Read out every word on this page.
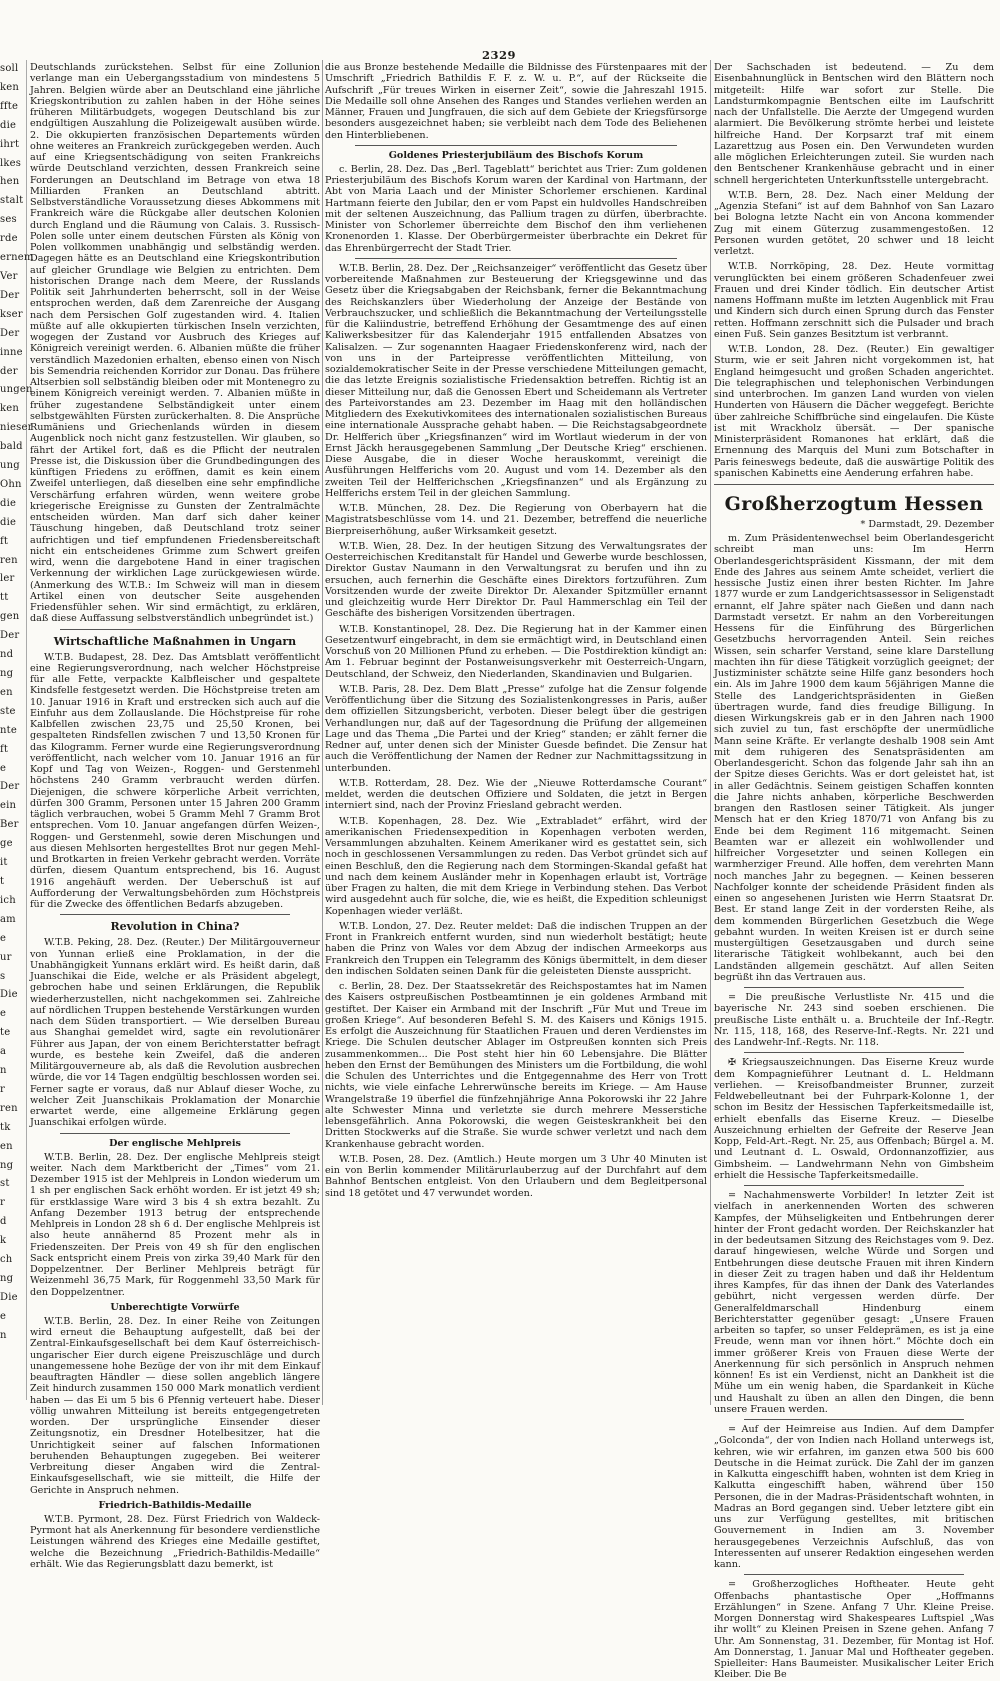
soll
ken
ffte
die
ihrt
lkes
hen
stalt
ses
rde
ernem
Ver
Der
kser
Der
inne
der
ungen
ken
nieser
bald
ung
Ohn
die
die
ft
ren
ler
tt
gen
Der
nd
ng
en
ste
nte
ft
e
Der
ein
Ber
ge
it
t
ich
am
e
ur
s
Die
e
te
a
n
r
ren
tk
en
ng
st
r
d
k
ch
ng
Die
e
n
2329

Deutschlands zurückstehen. Selbst für eine Zollunion verlange man ein Uebergangsstadium von mindestens 5 Jahren. Belgien würde aber an Deutschland eine jährliche Kriegskontribution zu zahlen haben in der Höhe seines früheren Militärbudgets, wogegen Deutschland bis zur endgültigen Auszahlung die Polizeigewalt ausüben würde. 2. Die okkupierten französischen Departements würden ohne weiteres an Frankreich zurückgegeben werden. Auch auf eine Kriegsentschädigung von seiten Frankreichs würde Deutschland verzichten, dessen Frankreich seine Forderungen an Deutschland im Betrage von etwa 18 Milliarden Franken an Deutschland abtritt. Selbstverständliche Voraussetzung dieses Abkommens mit Frankreich wäre die Rückgabe aller deutschen Kolonien durch England und die Räumung von Calais. 3. Russisch-Polen solle unter einem deutschen Fürsten als König von Polen vollkommen unabhängig und selbständig werden. Dagegen hätte es an Deutschland eine Kriegskontribution auf gleicher Grundlage wie Belgien zu entrichten. Dem historischen Drange nach dem Meere, der Russlands Politik seit Jahrhunderten beherrscht, soll in der Weise entsprochen werden, daß dem Zarenreiche der Ausgang nach dem Persischen Golf zugestanden wird. 4. Italien müßte auf alle okkupierten türkischen Inseln verzichten, wogegen der Zustand vor Ausbruch des Krieges auf Königreich vereinigt werden. 6. Albanien müßte die früher verständlich Mazedonien erhalten, ebenso einen von Nisch bis Semendria reichenden Korridor zur Donau. Das frühere Altserbien soll selbständig bleiben oder mit Montenegro zu einem Königreich vereinigt werden. 7. Albanien müßte in früher zugestandene Selbständigkeit unter einem selbstgewählten Fürsten zurückerhalten. 8. Die Ansprüche Rumäniens und Griechenlands würden in diesem Augenblick noch nicht ganz festzustellen. Wir glauben, so fährt der Artikel fort, daß es die Pflicht der neutralen Presse ist, die Diskussion über die Grundbedingungen des künftigen Friedens zu eröffnen, damit es kein einem Zweifel unterliegen, daß dieselben eine sehr empfindliche Verschärfung erfahren würden, wenn weitere grobe kriegerische Ereignisse zu Gunsten der Zentralmächte entscheiden würden. Man darf sich daher keiner Täuschung hingeben, daß Deutschland trotz seiner aufrichtigen und tief empfundenen Friedensbereitschaft nicht ein entscheidenes Grimme zum Schwert greifen wird, wenn die dargebotene Hand in einer tragischen Verkennung der wirklichen Lage zurückgewiesen würde. (Anmerkung des W.T.B.: Im Schweiz will man in diesem Artikel einen von deutscher Seite ausgehenden Friedensfühler sehen. Wir sind ermächtigt, zu erklären, daß diese Auffassung selbstverständlich unbegründet ist.)

Wirtschaftliche Maßnahmen in Ungarn

W.T.B. Budapest, 28. Dez. Das Amtsblatt veröffentlicht eine Regierungsverordnung, nach welcher Höchstpreise für alle Fette, verpackte Kalbfleischer und gespaltete Kindsfelle festgesetzt werden. Die Höchstpreise treten am 10. Januar 1916 in Kraft und erstrecken sich auch auf die Einfuhr aus dem Zollauslande. Die Höchstpreise für rohe Kalbfellen zwischen 23,75 und 25,50 Kronen, bei gespalteten Rindsfellen zwischen 7 und 13,50 Kronen für das Kilogramm. Ferner wurde eine Regierungsverordnung veröffentlicht, nach welcher vom 10. Januar 1916 an für Kopf und Tag von Weizen-, Roggen- und Gerstenmehl höchstens 240 Gramm verbraucht werden dürfen. Diejenigen, die schwere körperliche Arbeit verrichten, dürfen 300 Gramm, Personen unter 15 Jahren 200 Gramm täglich verbrauchen, wobei 5 Gramm Mehl 7 Gramm Brot entsprechen. Vom 10. Januar angefangen dürfen Weizen-, Roggen- und Gerstenmehl, sowie deren Mischungen und aus diesen Mehlsorten hergestelltes Brot nur gegen Mehl- und Brotkarten in freien Verkehr gebracht werden. Vorräte dürfen, diesem Quantum entsprechend, bis 16. August 1916 angehäuft werden. Der Ueberschuß ist auf Aufforderung der Verwaltungsbehörden zum Höchstpreis für die Zwecke des öffentlichen Bedarfs abzugeben.

Revolution in China?

W.T.B. Peking, 28. Dez. (Reuter.) Der Militärgouverneur von Yunnan erließ eine Proklamation, in der die Unabhängigkeit Yunnans erklärt wird. Es heißt darin, daß Juanschikai die Eide, welche er als Präsident abgelegt, gebrochen habe und seinen Erklärungen, die Republik wiederherzustellen, nicht nachgekommen sei. Zahlreiche auf nördlichen Truppen bestehende Verstärkungen wurden nach dem Süden transportiert. — Wie derselben Bureau aus Shanghai gemeldet wird, sagte ein revolutionärer Führer aus Japan, der von einem Berichterstatter befragt wurde, es bestehe kein Zweifel, daß die anderen Militärgouverneure ab, als daß die Revolution ausbrechen würde, die vor 14 Tagen endgültig beschlossen worden sei. Ferner sagte er voraus, daß nur Ablauf dieser Woche, zu welcher Zeit Juanschikais Proklamation der Monarchie erwartet werde, eine allgemeine Erklärung gegen Juanschikai erfolgen würde.

Der englische Mehlpreis

W.T.B. Berlin, 28. Dez. Der englische Mehlpreis steigt weiter. Nach dem Marktbericht der „Times“ vom 21. Dezember 1915 ist der Mehlpreis in London wiederum um 1 sh per englischen Sack erhöht worden. Er ist jetzt 49 sh; für erstklassige Ware wird 3 bis 4 sh extra bezahlt. Zu Anfang Dezember 1913 betrug der entsprechende Mehlpreis in London 28 sh 6 d. Der englische Mehlpreis ist also heute annähernd 85 Prozent mehr als in Friedenszeiten. Der Preis von 49 sh für den englischen Sack entspricht einem Preis von zirka 39,40 Mark für den Doppelzentner. Der Berliner Mehlpreis beträgt für Weizenmehl 36,75 Mark, für Roggenmehl 33,50 Mark für den Doppelzentner.

Unberechtigte Vorwürfe

W.T.B. Berlin, 28. Dez. In einer Reihe von Zeitungen wird erneut die Behauptung aufgestellt, daß bei der Zentral-Einkaufsgesellschaft bei dem Kauf österreichisch-ungarischer Eier durch eigene Preiszuschläge und durch unangemessene hohe Bezüge der von ihr mit dem Einkauf beauftragten Händler — diese sollen angeblich längere Zeit hindurch zusammen 150 000 Mark monatlich verdient haben — das Ei um 5 bis 6 Pfennig verteuert habe. Dieser völlig unwahren Mitteilung ist bereits entgegengetreten worden. Der ursprüngliche Einsender dieser Zeitungsnotiz, ein Dresdner Hotelbesitzer, hat die Unrichtigkeit seiner auf falschen Informationen beruhenden Behauptungen zugegeben. Bei weiterer Verbreitung dieser Angaben wird die Zentral-Einkaufsgesellschaft, wie sie mitteilt, die Hilfe der Gerichte in Anspruch nehmen.

Friedrich-Bathildis-Medaille

W.T.B. Pyrmont, 28. Dez. Fürst Friedrich von Waldeck-Pyrmont hat als Anerkennung für besondere verdienstliche Leistungen während des Krieges eine Medaille gestiftet, welche die Bezeichnung „Friedrich-Bathildis-Medaille“ erhält. Wie das Regierungsblatt dazu bemerkt, ist

die aus Bronze bestehende Medaille die Bildnisse des Fürstenpaares mit der Umschrift „Friedrich Bathildis F. F. z. W. u. P.“, auf der Rückseite die Aufschrift „Für treues Wirken in eiserner Zeit“, sowie die Jahreszahl 1915. Die Medaille soll ohne Ansehen des Ranges und Standes verliehen werden an Männer, Frauen und Jungfrauen, die sich auf dem Gebiete der Kriegsfürsorge besonders ausgezeichnet haben; sie verbleibt nach dem Tode des Beliehenen den Hinterbliebenen.

Goldenes Priesterjubiläum des Bischofs Korum

c. Berlin, 28. Dez. Das „Berl. Tageblatt“ berichtet aus Trier: Zum goldenen Priesterjubiläum des Bischofs Korum waren der Kardinal von Hartmann, der Abt von Maria Laach und der Minister Schorlemer erschienen. Kardinal Hartmann feierte den Jubilar, den er vom Papst ein huldvolles Handschreiben mit der seltenen Auszeichnung, das Pallium tragen zu dürfen, überbrachte. Minister von Schorlemer überreichte dem Bischof den ihm verliehenen Kronenorden 1. Klasse. Der Oberbürgermeister überbrachte ein Dekret für das Ehrenbürgerrecht der Stadt Trier.

W.T.B. Berlin, 28. Dez. Der „Reichsanzeiger“ veröffentlicht das Gesetz über vorbereitende Maßnahmen zur Besteuerung der Kriegsgewinne und das Gesetz über die Kriegsabgaben der Reichsbank, ferner die Bekanntmachung des Reichskanzlers über Wiederholung der Anzeige der Bestände von Verbrauchszucker, und schließlich die Bekanntmachung der Verteilungsstelle für die Kaliindustrie, betreffend Erhöhung der Gesamtmenge des auf einen Kaliwerksbesitzer für das Kalenderjahr 1915 entfallenden Absatzes von Kalisalzen. — Zur sogenannten Haagaer Friedenskonferenz wird, nach der von uns in der Parteipresse veröffentlichten Mitteilung, von sozialdemokratischer Seite in der Presse verschiedene Mitteilungen gemacht, die das letzte Ereignis sozialistische Friedensaktion betreffen. Richtig ist an dieser Mitteilung nur, daß die Genossen Ebert und Scheidemann als Vertreter des Parteivorstandes am 23. Dezember im Haag mit den holländischen Mitgliedern des Exekutivkomitees des internationalen sozialistischen Bureaus eine internationale Aussprache gehabt haben. — Die Reichstagsabgeordnete Dr. Helfferich über „Kriegsfinanzen“ wird im Wortlaut wiederum in der von Ernst Jäckh herausgegebenen Sammlung „Der Deutsche Krieg“ erschienen. Diese Ausgabe, die in dieser Woche herauskommt, vereinigt die Ausführungen Helfferichs vom 20. August und vom 14. Dezember als den zweiten Teil der Helfferichschen „Kriegsfinanzen“ und als Ergänzung zu Helfferichs erstem Teil in der gleichen Sammlung.

W.T.B. München, 28. Dez. Die Regierung von Oberbayern hat die Magistratsbeschlüsse vom 14. und 21. Dezember, betreffend die neuerliche Bierpreiserhöhung, außer Wirksamkeit gesetzt.

W.T.B. Wien, 28. Dez. In der heutigen Sitzung des Verwaltungsrates der Oesterreichischen Kreditanstalt für Handel und Gewerbe wurde beschlossen, Direktor Gustav Naumann in den Verwaltungsrat zu berufen und ihn zu ersuchen, auch fernerhin die Geschäfte eines Direktors fortzuführen. Zum Vorsitzenden wurde der zweite Direktor Dr. Alexander Spitzmüller ernannt und gleichzeitig wurde Herr Direktor Dr. Paul Hammerschlag ein Teil der Geschäfte des bisherigen Vorsitzenden übertragen.

W.T.B. Konstantinopel, 28. Dez. Die Regierung hat in der Kammer einen Gesetzentwurf eingebracht, in dem sie ermächtigt wird, in Deutschland einen Vorschuß von 20 Millionen Pfund zu erheben. — Die Postdirektion kündigt an: Am 1. Februar beginnt der Postanweisungsverkehr mit Oesterreich-Ungarn, Deutschland, der Schweiz, den Niederlanden, Skandinavien und Bulgarien.

W.T.B. Paris, 28. Dez. Dem Blatt „Presse“ zufolge hat die Zensur folgende Veröffentlichung über die Sitzung des Sozialistenkongresses in Paris, außer dem offiziellen Sitzungsbericht, verboten. Dieser belegt über die gestrigen Verhandlungen nur, daß auf der Tagesordnung die Prüfung der allgemeinen Lage und das Thema „Die Partei und der Krieg“ standen; er zählt ferner die Redner auf, unter denen sich der Minister Guesde befindet. Die Zensur hat auch die Veröffentlichung der Namen der Redner zur Nachmittagssitzung in unterbunden.

W.T.B. Rotterdam, 28. Dez. Wie der „Nieuwe Rotterdamsche Courant“ meldet, werden die deutschen Offiziere und Soldaten, die jetzt in Bergen interniert sind, nach der Provinz Friesland gebracht werden.

W.T.B. Kopenhagen, 28. Dez. Wie „Extrabladet“ erfährt, wird der amerikanischen Friedensexpedition in Kopenhagen verboten werden, Versammlungen abzuhalten. Keinem Amerikaner wird es gestattet sein, sich noch in geschlossenen Versammlungen zu reden. Das Verbot gründet sich auf einen Beschluß, den die Regierung nach dem Stormingen-Skandal gefaßt hat und nach dem keinem Ausländer mehr in Kopenhagen erlaubt ist, Vorträge über Fragen zu halten, die mit dem Kriege in Verbindung stehen. Das Verbot wird ausgedehnt auch für solche, die, wie es heißt, die Expedition schleunigst Kopenhagen wieder verläßt.

W.T.B. London, 27. Dez. Reuter meldet: Daß die indischen Truppen an der Front in Frankreich entfernt wurden, sind nun wiederholt bestätigt; heute haben die Prinz von Wales vor dem Abzug der indischen Armeekorps aus Frankreich den Truppen ein Telegramm des Königs übermittelt, in dem dieser den indischen Soldaten seinen Dank für die geleisteten Dienste ausspricht.

c. Berlin, 28. Dez. Der Staatssekretär des Reichspostamtes hat im Namen des Kaisers ostpreußischen Postbeamtinnen je ein goldenes Armband mit gestiftet. Der Kaiser ein Armband mit der Inschrift „Für Mut und Treue im großen Kriege“. Auf besonderen Befehl S. M. des Kaisers und Königs 1915. Es erfolgt die Auszeichnung für Staatlichen Frauen und deren Verdienstes im Kriege. Die Schulen deutscher Ablager im Ostpreußen konnten sich Preis zusammenkommen... Die Post steht hier hin 60 Lebensjahre. Die Blätter heben den Ernst der Bemühungen des Ministers um die Fortbildung, die wohl die Schulen des Unterrichtes und die Entgegennahme des Herr von Trott nichts, wie viele einfache Lehrerwünsche bereits im Kriege. — Am Hause Wrangelstraße 19 überfiel die fünfzehnjährige Anna Pokorowski ihr 22 Jahre alte Schwester Minna und verletzte sie durch mehrere Messerstiche lebensgefährlich. Anna Pokorowski, die wegen Geisteskrankheit bei den Dritten Stockwerks auf die Straße. Sie wurde schwer verletzt und nach dem Krankenhause gebracht worden.

W.T.B. Posen, 28. Dez. (Amtlich.) Heute morgen um 3 Uhr 40 Minuten ist ein von Berlin kommender Militärurlauberzug auf der Durchfahrt auf dem Bahnhof Bentschen entgleist. Von den Urlaubern und dem Begleitpersonal sind 18 getötet und 47 verwundet worden.

Der Sachschaden ist bedeutend. — Zu dem Eisenbahnunglück in Bentschen wird den Blättern noch mitgeteilt: Hilfe war sofort zur Stelle. Die Landsturmkompagnie Bentschen eilte im Laufschritt nach der Unfallstelle. Die Aerzte der Umgegend wurden alarmiert. Die Bevölkerung strömte herbei und leistete hilfreiche Hand. Der Korpsarzt traf mit einem Lazarettzug aus Posen ein. Den Verwundeten wurden alle möglichen Erleichterungen zuteil. Sie wurden nach den Bentschener Krankenhäuse gebracht und in einer schnell hergerichteten Unterkunftsstelle untergebracht.

W.T.B. Bern, 28. Dez. Nach einer Meldung der „Agenzia Stefani“ ist auf dem Bahnhof von San Lazaro bei Bologna letzte Nacht ein von Ancona kommender Zug mit einem Güterzug zusammengestoßen. 12 Personen wurden getötet, 20 schwer und 18 leicht verletzt.

W.T.B. Norrköping, 28. Dez. Heute vormittag verunglückten bei einem größeren Schadenfeuer zwei Frauen und drei Kinder tödlich. Ein deutscher Artist namens Hoffmann mußte im letzten Augenblick mit Frau und Kindern sich durch einen Sprung durch das Fenster retten. Hoffmann zerschnitt sich die Pulsader und brach einen Fuß. Sein ganzes Besitztum ist verbrannt.

W.T.B. London, 28. Dez. (Reuter.) Ein gewaltiger Sturm, wie er seit Jahren nicht vorgekommen ist, hat England heimgesucht und großen Schaden angerichtet. Die telegraphischen und telephonischen Verbindungen sind unterbrochen. Im ganzen Land wurden von vielen Hunderten von Häusern die Dächer weggefegt. Berichte über zahlreiche Schiffbrüche sind eingelaufen. Die Küste ist mit Wrackholz übersät. — Der spanische Ministerpräsident Romanones hat erklärt, daß die Ernennung des Marquis del Muni zum Botschafter in Paris feineswegs bedeute, daß die auswärtige Politik des spanischen Kabinetts eine Aenderung erfahren habe.

Großherzogtum Hessen
* Darmstadt, 29. Dezember

m. Zum Präsidentenwechsel beim Oberlandesgericht schreibt man uns: Im Herrn Oberlandesgerichtspräsident Kissmann, der mit dem Ende des Jahres aus seinem Amte scheidet, verliert die hessische Justiz einen ihrer besten Richter. Im Jahre 1877 wurde er zum Landgerichtsassessor in Seligenstadt ernannt, elf Jahre später nach Gießen und dann nach Darmstadt versetzt. Er nahm an den Vorbereitungen Hessens für die Einführung des Bürgerlichen Gesetzbuchs hervorragenden Anteil. Sein reiches Wissen, sein scharfer Verstand, seine klare Darstellung machten ihn für diese Tätigkeit vorzüglich geeignet; der Justizminister schätzte seine Hilfe ganz besonders hoch ein. Als im Jahre 1900 dem kaum 56jährigen Manne die Stelle des Landgerichtspräsidenten in Gießen übertragen wurde, fand dies freudige Billigung. In diesen Wirkungskreis gab er in den Jahren nach 1900 sich zuviel zu tun, fast erschöpfte der unermüdliche Mann seine Kräfte. Er verlangte deshalb 1908 sein Amt mit dem ruhigeren des Senatspräsidenten am Oberlandesgericht. Schon das folgende Jahr sah ihn an der Spitze dieses Gerichts. Was er dort geleistet hat, ist in aller Gedächtnis. Seinem geistigen Schaffen konnten die Jahre nichts anhaben, körperliche Beschwerden brangen den Rastlosen seiner Tätigkeit. Als junger Mensch hat er den Krieg 1870/71 von Anfang bis zu Ende bei dem Regiment 116 mitgemacht. Seinen Beamten war er allezeit ein wohlwollender und hilfreicher Vorgesetzter und seinen Kollegen ein warmherziger Freund. Alle hoffen, dem verehrten Mann noch manches Jahr zu begegnen. — Keinen besseren Nachfolger konnte der scheidende Präsident finden als einen so angesehenen Juristen wie Herrn Staatsrat Dr. Best. Er stand lange Zeit in der vordersten Reihe, als dem kommenden Bürgerlichen Gesetzbuch die Wege gebahnt wurden. In weiten Kreisen ist er durch seine mustergültigen Gesetzausgaben und durch seine literarische Tätigkeit wohlbekannt, auch bei den Landständen allgemein geschätzt. Auf allen Seiten begrüßt ihn das Vertrauen aus.

= Die preußische Verlustliste Nr. 415 und die bayerische Nr. 243 sind soeben erschienen. Die preußische Liste enthält u. a. Bruchteile der Inf.-Regtr. Nr. 115, 118, 168, des Reserve-Inf.-Regts. Nr. 221 und des Landwehr-Inf.-Regts. Nr. 118.

✠ Kriegsauszeichnungen. Das Eiserne Kreuz wurde dem Kompagnieführer Leutnant d. L. Heldmann verliehen. — Kreisofbandmeister Brunner, zurzeit Feldwebelleutnant bei der Fuhrpark-Kolonne 1, der schon im Besitz der Hessischen Tapferkeitsmedaille ist, erhielt ebenfalls das Eiserne Kreuz. — Dieselbe Auszeichnung erhielten der Gefreite der Reserve Jean Kopp, Feld-Art.-Regt. Nr. 25, aus Offenbach; Bürgel a. M. und Leutnant d. L. Oswald, Ordonnanzoffizier, aus Gimbsheim. — Landwehrmann Nehn von Gimbsheim erhielt die Hessische Tapferkeitsmedaille.

= Nachahmenswerte Vorbilder! In letzter Zeit ist vielfach in anerkennenden Worten des schweren Kampfes, der Mühseligkeiten und Entbehrungen derer hinter der Front gedacht worden. Der Reichskanzler hat in der bedeutsamen Sitzung des Reichstages vom 9. Dez. darauf hingewiesen, welche Würde und Sorgen und Entbehrungen diese deutsche Frauen mit ihren Kindern in dieser Zeit zu tragen haben und daß ihr Heldentum ihres Kampfes, für das ihnen der Dank des Vaterlandes gebührt, nicht vergessen werden dürfe. Der Generalfeldmarschall Hindenburg einem Berichterstatter gegenüber gesagt: „Unsere Frauen arbeiten so tapfer, so unser Feldeprämen, es ist ja eine Freude, wenn man vor ihnen hört.“ Möchte doch ein immer größerer Kreis von Frauen diese Werte der Anerkennung für sich persönlich in Anspruch nehmen können! Es ist ein Verdienst, nicht an Dankheit ist die Mühe um ein wenig haben, die Spardankeit in Küche und Haushalt zu üben an allen den Dingen, die benn unsere Frauen werden.

= Auf der Heimreise aus Indien. Auf dem Dampfer „Golconda“, der von Indien nach Holland unterwegs ist, kehren, wie wir erfahren, im ganzen etwa 500 bis 600 Deutsche in die Heimat zurück. Die Zahl der im ganzen in Kalkutta eingeschifft haben, wohnten ist dem Krieg in Kalkutta eingeschifft haben, während über 150 Personen, die in der Madras-Präsidentschaft wohnten, in Madras an Bord gegangen sind. Ueber letztere gibt ein uns zur Verfügung gestelltes, mit britischen Gouvernement in Indien am 3. November herausgegebenes Verzeichnis Aufschluß, das von Interessenten auf unserer Redaktion eingesehen werden kann.

= Großherzogliches Hoftheater. Heute geht Offenbachs phantastische Oper „Hoffmanns Erzählungen“ in Szene. Anfang 7 Uhr. Kleine Preise. Morgen Donnerstag wird Shakespeares Luftspiel „Was ihr wollt“ zu Kleinen Preisen in Szene gehen. Anfang 7 Uhr. Am Sonnenstag, 31. Dezember, für Montag ist Hof. Am Donnerstag, 1. Januar Mal und Hoftheater gegeben. Spielleiter: Hans Baumeister. Musikalischer Leiter Erich Kleiber. Die Be
